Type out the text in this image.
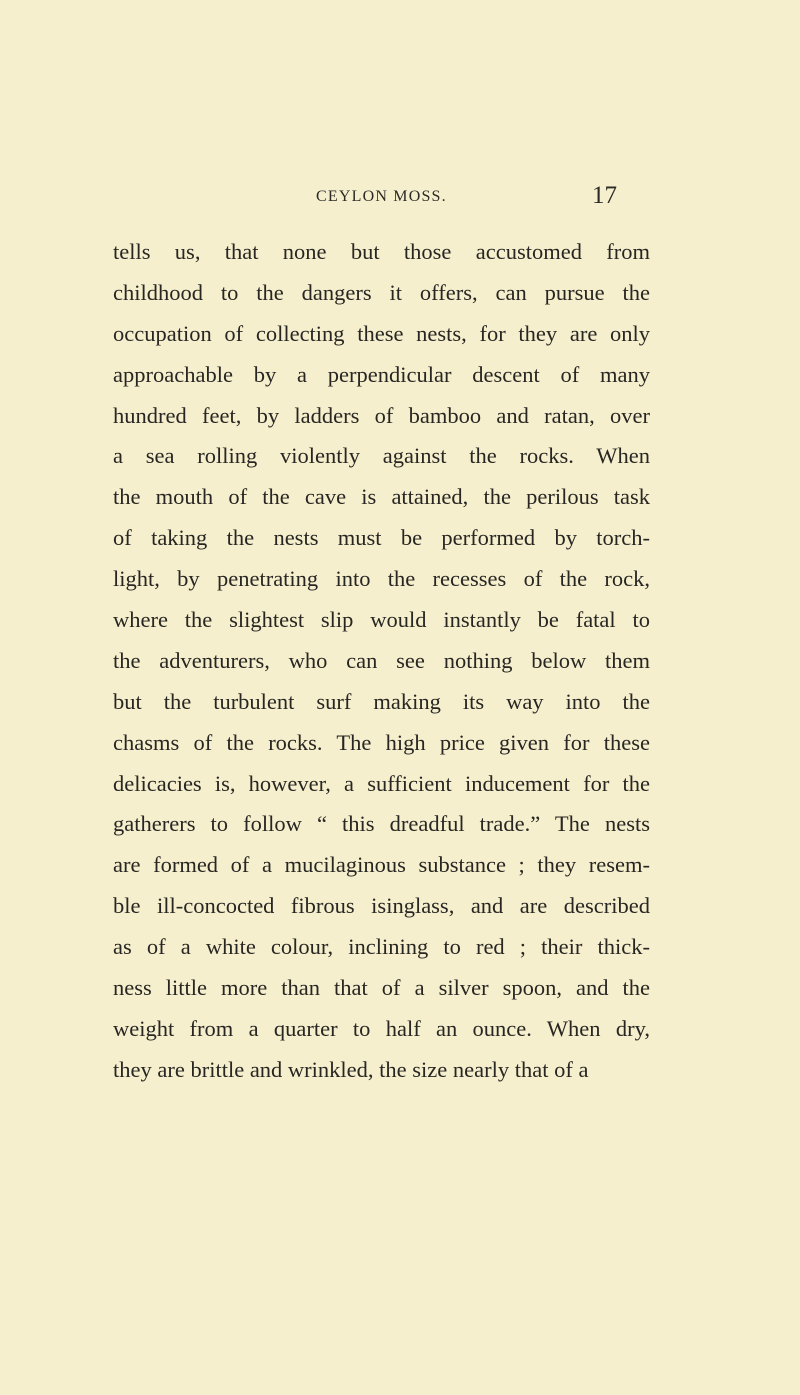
CEYLON MOSS.	17
tells us, that none but those accustomed from
childhood to the dangers it offers, can pursue the
occupation of collecting these nests, for they are only
approachable by a perpendicular descent of many
hundred feet, by ladders of bamboo and ratan, over
a sea rolling violently against the rocks. When
the mouth of the cave is attained, the perilous task
of taking the nests must be performed by torch-
light, by penetrating into the recesses of the rock,
where the slightest slip would instantly be fatal to
the adventurers, who can see nothing below them
but the turbulent surf making its way into the
chasms of the rocks. The high price given for these
delicacies is, however, a sufficient inducement for the
gatherers to follow “ this dreadful trade.” The nests
are formed of a mucilaginous substance ; they resem-
ble ill-concocted fibrous isinglass, and are described
as of a white colour, inclining to red ; their thick-
ness little more than that of a silver spoon, and the
weight from a quarter to half an ounce. When dry,
they are brittle and wrinkled, the size nearly that of a
